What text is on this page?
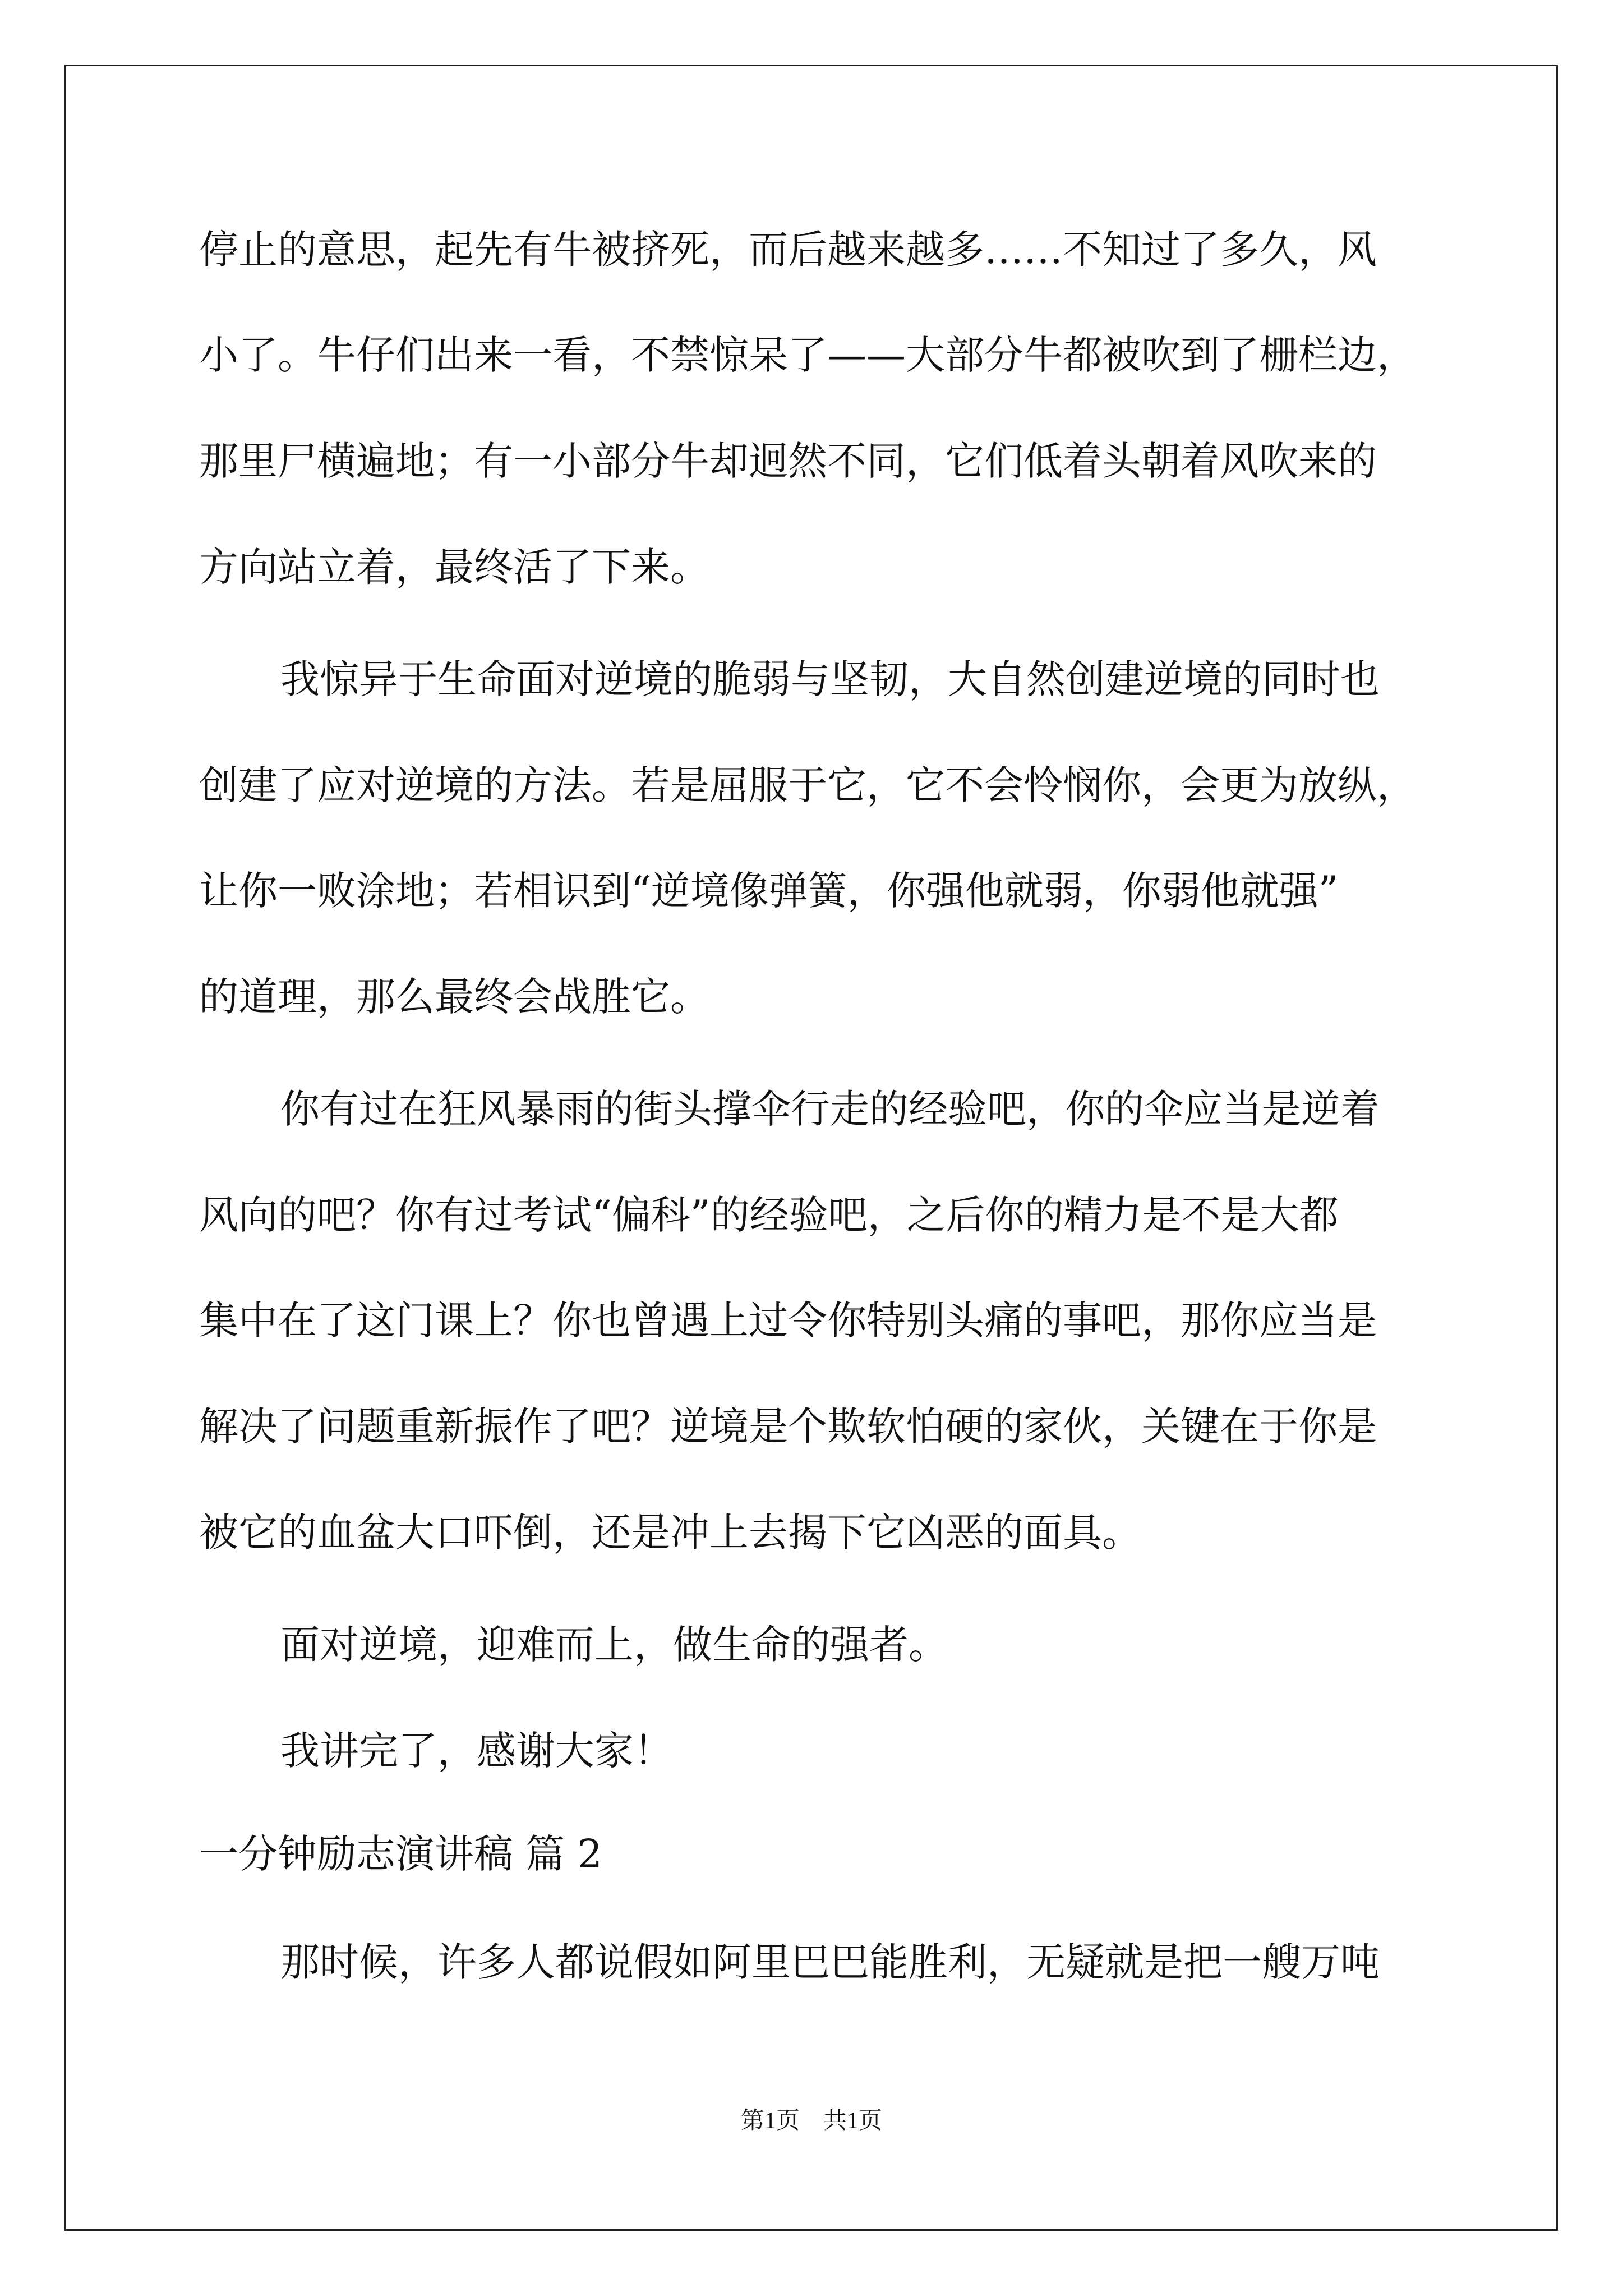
停止的意思，起先有牛被挤死，而后越来越多……不知过了多久，风
小了。牛仔们出来一看，不禁惊呆了——大部分牛都被吹到了栅栏边，
那里尸横遍地；有一小部分牛却迥然不同，它们低着头朝着风吹来的
方向站立着，最终活了下来。
我惊异于生命面对逆境的脆弱与坚韧，大自然创建逆境的同时也
创建了应对逆境的方法。若是屈服于它，它不会怜悯你，会更为放纵，
让你一败涂地；若相识到“逆境像弹簧，你强他就弱，你弱他就强”
的道理，那么最终会战胜它。
你有过在狂风暴雨的街头撑伞行走的经验吧，你的伞应当是逆着
风向的吧？你有过考试“偏科”的经验吧，之后你的精力是不是大都
集中在了这门课上？你也曾遇上过令你特别头痛的事吧，那你应当是
解决了问题重新振作了吧？逆境是个欺软怕硬的家伙，关键在于你是
被它的血盆大口吓倒，还是冲上去揭下它凶恶的面具。
面对逆境，迎难而上，做生命的强者。
我讲完了，感谢大家！
一分钟励志演讲稿 篇 2
那时候，许多人都说假如阿里巴巴能胜利，无疑就是把一艘万吨
第1页　共1页
